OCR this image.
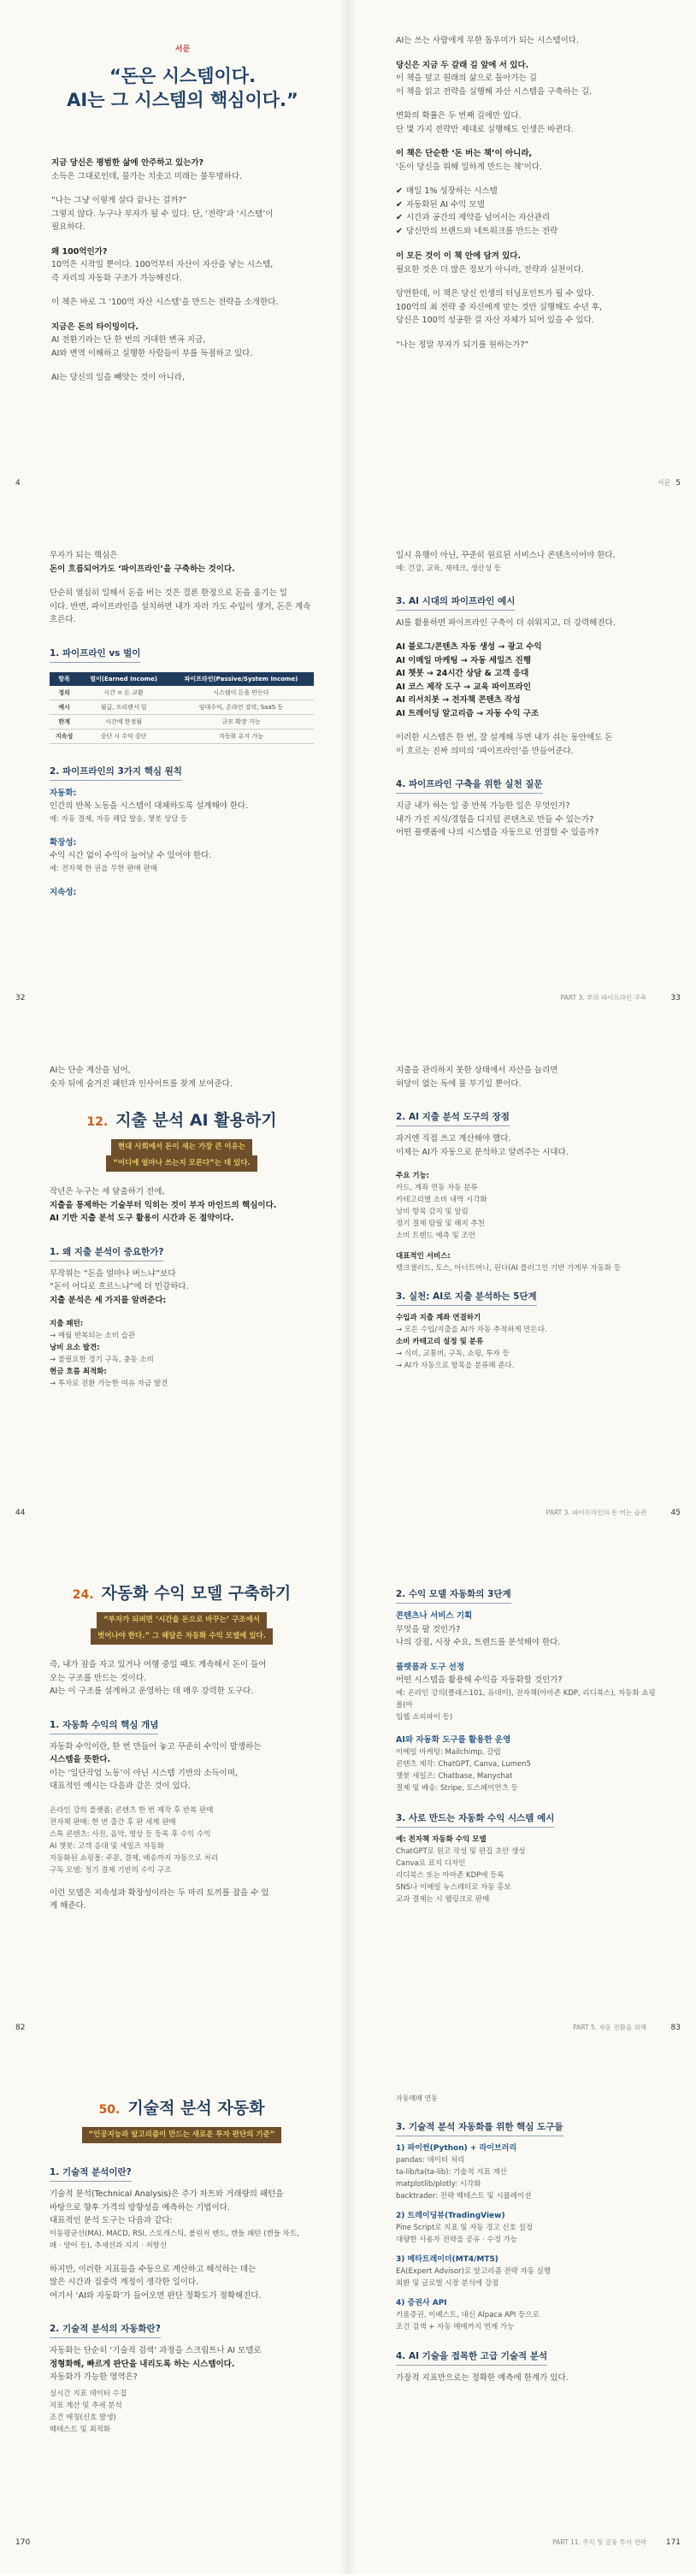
서문
“돈은 시스템이다.
AI는 그 시스템의 핵심이다.”
지금 당신은 평범한 삶에 안주하고 있는가?
소득은 그대로인데, 물가는 치솟고 미래는 불투명하다.
“나는 그냥 이렇게 살다 끝나는 걸까?”
그렇지 않다. 누구나 부자가 될 수 있다. 단, ‘전략’과 ‘시스템’이
필요하다.
왜 100억인가?
10억은 시작일 뿐이다. 100억부터 자산이 자산을 낳는 시스템,
즉 자리의 자동화 구조가 가능해진다.
이 책은 바로 그 ‘100억 자산 시스템’을 만드는 전략을 소개한다.
지금은 돈의 타이밍이다.
AI 전환기라는 단 한 번의 거대한 변곡 지금,
AI와 변역 이해하고 실행한 사람들이 부를 독점하고 있다.
AI는 당신의 일을 빼앗는 것이 아니라,
4
AI는 쓰는 사람에게 무한 돕우미가 되는 시스템이다.
당신은 지금 두 갈래 길 앞에 서 있다.
이 책을 덮고 원래의 삶으로 돌아가는 길
이 책을 읽고 전략을 실행해 자산 시스템을 구축하는 길.
변화의 확률은 두 번째 길에만 있다.
단 몇 가지 전략만 제대로 실행해도 인생은 바뀐다.
이 책은 단순한 ‘돈 버는 책’이 아니라,
‘돈이 당신을 위해 일하게 만드는 책’이다.
✔ 매일 1% 성장하는 시스템
✔ 자동화된 AI 수익 모델
✔ 시간과 공간의 제약을 넘어서는 자산관리
✔ 당신만의 브랜드와 네트워크를 만드는 전략
이 모든 것이 이 책 안에 담겨 있다.
필요한 것은 더 많은 정보가 아니라, 전략과 실천이다.
당연한데, 이 책은 당신 인생의 터닝포인트가 될 수 있다.
100억의 최 전략 중 자신에게 맞는 것만 실행해도 수년 후,
당신은 100억 성공한 걸 자산 자체가 되어 있을 수 있다.
“나는 정말 부자가 되기를 원하는가?”
서문 5
무자가 되는 핵심은
돈이 흐름되어가도 ‘파이프라인’을 구축하는 것이다.
단순히 열심히 일해서 돈을 버는 것은 결론 한정으로 돈을 움기는 일
이다. 반면, 파이프라인을 설치하면 내가 자러 가도 수입이 생겨, 돈은 계속 흐른다.
1. 파이프라인 vs 벌이
항목	벌이(Earned Income)	파이프라인(Passive/System Income)
정의	시간 = 돈 교환	시스템이 돈을 만든다
예시	월급, 프리랜서 일	임대수익, 온라인 강의, SaaS 등
한계	시간에 한정됨	규모 확장 가능
지속성	중단 시 수익 중단	자동화 유지 가능
2. 파이프라인의 3가지 핵심 원칙
자동화:
인간의 반복 노동을 시스템이 대체하도록 설계해야 한다.
예: 자동 결제, 자동 해답 발송, 챗봇 상담 등
확장성:
수익 시간 없이 수익이 늘어날 수 있어야 한다.
예: 전자책 한 권을 무한 판매 판매
지속성:
32
일시 유행이 아닌, 꾸준히 원료된 서비스나 콘텐츠이어야 한다.
예: 건강, 교육, 재테크, 생산성 등
3. AI 시대의 파이프라인 예시
AI를 활용하면 파이프라인 구축이 더 쉬워지고, 더 강력해진다.
AI 블로그/콘텐츠 자동 생성 → 광고 수익
AI 이메일 마케팅 → 자동 세일즈 진행
AI 챗봇 → 24시간 상담 & 고객 응대
AI 코스 제작 도구 → 교육 파이프라인
AI 리서치봇 → 전자책 콘텐츠 작성
AI 트레이딩 알고리즘 → 자동 수익 구조
이러한 시스템은 한 번, 잘 설계해 두면 내가 쉬는 동안에도 돈
이 흐르는 진짜 의미의 ‘파이프라인’을 만들어준다.
4. 파이프라인 구축을 위한 실천 질문
지금 내가 하는 일 중 반복 가능한 일은 무엇인가?
내가 가진 지식/경험을 디지털 콘텐츠로 만들 수 있는가?
어떤 플랫폼에 나의 시스템을 자동으로 연결할 수 있을까?
PART 3. 부의 파이프라인 구축	33
AI는 단순 계산을 넘어,
숫자 뒤에 숨겨진 패턴과 인사이트를 찾게 보여준다.
12. 지출 분석 AI 활용하기
현대 사회에서 돈이 새는 가장 큰 이유는
“어디에 얼마나 쓰는지 모른다”는 데 있다.
작년은 누구는 세 달출하기 전에,
지출을 통제하는 기술부터 익히는 것이 부자 마인드의 핵심이다.
AI 기반 지출 분석 도구 활용이 시간과 돈 절약이다.
1. 왜 지출 분석이 중요한가?
무작위는 “돈을 얼마나 버느냐”보다
“돈이 어디로 흐르느냐”에 더 민감하다.
지출 분석은 세 가지를 알려준다:
지출 패턴:
→ 매월 반복되는 소비 습관
낭비 요소 발견:
→ 불필요한 정기 구독, 충동 소비
현금 흐름 최적화:
→ 투자로 전환 가능한 여유 자금 발견
44
지출을 관리하지 못한 상태에서 자산을 늘리면
허당이 없는 독에 물 부기일 뿐이다.
2. AI 지출 분석 도구의 장점
과거엔 직접 쓰고 계산해야 했다.
이제는 AI가 자동으로 분석하고 알려주는 시대다.
주요 기능:
카드, 계좌 연동 자동 분류
카테고리별 소비 내역 시각화
낭비 항목 감지 및 알림
정기 결제 탐필 및 해지 추천
소비 트렌드 예측 및 조언
대표적인 서비스:
뱅크샐러드, 토스, 아너트머니, 핀다(AI 플러그인 기반 가계부 자동화 등
3. 실천: AI로 지출 분석하는 5단계
수입과 지출 계좌 연결하기
→ 모든 수입/지출을 AI가 자동 추적하게 만든다.
소비 카테고리 설정 및 분류
→ 식비, 교통비, 구독, 쇼핑, 투자 등
→ AI가 자동으로 항목을 분류해 준다.
PART 3. 파이프라인의 돈 버는 습관	45
24. 자동화 수익 모델 구축하기
“부자가 되려면 ‘시간을 돈으로 바꾸는’ 구조에서
벗어나야 한다.” 그 해답은 자동화 수익 모델에 있다.
즉, 내가 잠을 자고 있거나 여행 중일 때도 계속해서 돈이 들어
오는 구조를 만드는 것이다.
AI는 이 구조를 설계하고 운영하는 데 매우 강력한 도구다.
1. 자동화 수익의 핵심 개념
자동화 수익이란, 한 번 만들어 놓고 꾸준히 수익이 발생하는
시스템을 뜻한다.
이는 ‘일단작업 노동’이 아닌 시스템 기반의 소득이며,
대표적인 예시는 다음과 같은 것이 있다.
온라인 강의 플랫폼: 콘텐츠 한 번 제작 후 반복 판매
전자책 판매: 한 번 출간 후 판 세계 판매
스톡 콘텐츠: 사진, 음악, 영상 등 등록 후 수익 수익
AI 챗봇: 고객 응대 및 세일즈 자동화
자동화된 쇼핑몰: 주문, 결제, 배송까지 자동으로 처리
구독 모델: 정기 결제 기반의 수익 구조
이런 모델은 지속성과 확장성이라는 두 마리 토끼를 잡을 수 있
게 해준다.
82
2. 수익 모델 자동화의 3단계
콘텐츠나 서비스 기획
무엇을 팔 것인가?
나의 강점, 시장 수요, 트렌드를 분석해야 한다.
플랫폼과 도구 선정
어떤 시스템을 활용해 수익을 자동화할 것인가?
예: 온라인 강의(클래스101, 유데미), 전자책(아마존 KDP, 리디북스), 자동화 쇼핑몰(아
임웹 쇼피파이 등)
AI와 자동화 도구를 활용한 운영
이메일 마케팅: Mailchimp, 갈럽
콘텐츠 제작: ChatGPT, Canva, Lumen5
챗봇 세일즈: Chatbase, Manychat
결제 및 배송: Stripe, 토스페이먼츠 등
3. 사로 만드는 자동화 수익 시스템 예시
예: 전자책 자동화 수익 모델
ChatGPT로 원고 작성 및 편집 초안 생성
Canva로 표지 디자인
리디북스 또는 아마존 KDP에 등록
SNS나 이메일 뉴스레터로 자동 홍보
교과 결제는 시 웹링크로 판매
PART 5. 자동 전환을 위해	83
50. 기술적 분석 자동화
“인공지능과 알고리즘이 만드는 새로운 투자 판단의 기준”
1. 기술적 분석이란?
기술적 분석(Technical Analysis)은 주가 차트와 거래량의 패턴을
바탕으로 향후 가격의 방향성을 예측하는 기법이다.
대표적인 분석 도구는 다음과 같다:
이동평균선(MA), MACD, RSI, 스토캐스틱, 볼린저 밴드, 캔들 패턴 (캔들 차트,
패 · 양어 등), 추세선과 지지 · 저항선
하지만, 이러한 지표들을 수동으로 계산하고 해석하는 데는
많은 시간과 집중력 계정이 생각한 일이다.
여기서 ‘AI와 자동화’가 들어오면 판단 정확도가 정확해진다.
2. 기술적 분석의 자동화란?
자동화는 단순히 ‘기술적 검색’ 과정을 스크립트나 AI 모델로
정형화해, 빠르게 판단을 내리도록 하는 시스템이다.
자동화가 가능한 영역은?
실시간 지표 데이터 수집
지표 계산 및 추세 분석
조건 매칭(신호 발생)
백테스트 및 최적화
170
자동매매 연동
3. 기술적 분석 자동화를 위한 핵심 도구들
1) 파이썬(Python) + 라이브러리
pandas: 데이터 처리
ta-lib/ta(ta-lib): 기술적 지표 계산
matplotlib/plotly: 시각화
backtrader: 전략 백테스트 및 시뮬레이션
2) 트레이딩뷰(TradingView)
Pine Script로 지표 및 자동 경고 신호 설정
대량한 사용자 전략을 공유 · 수정 가능
3) 메타트레이더(MT4/MT5)
EA(Expert Advisor)로 알고리즘 전략 자동 실행
외환 및 글로벌 시장 분석에 강점
4) 증권사 API
키움증권, 이베스트, 대신 Alpaca API 등으로
조건 검색 + 자동 매매까지 연계 가능
4. AI 기술을 접목한 고급 기술적 분석
가장적 지표만으로는 정확한 예측에 한계가 있다.
PART 11. 주식 및 금융 투자 전략	171
